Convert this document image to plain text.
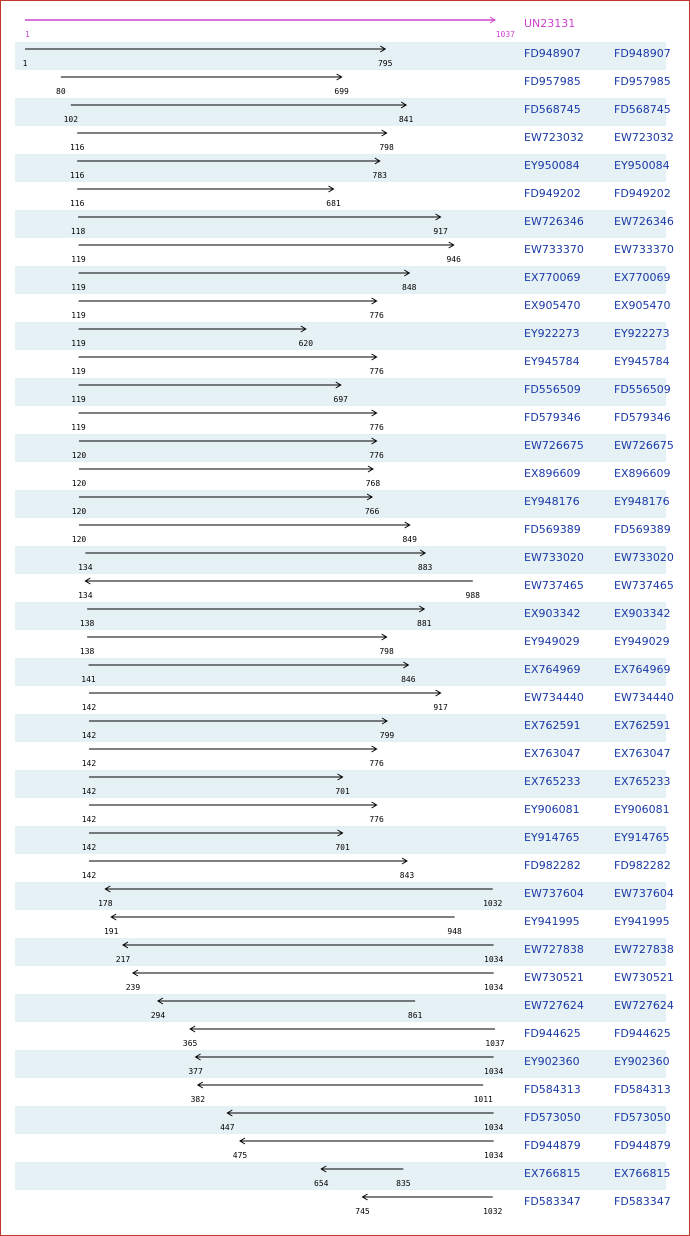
UN23131
1	1037
1	795
FD948907	FD948907
80	699
FD957985	FD957985
102	841
FD568745	FD568745
116	798
EW723032	EW723032
116	783
EY950084	EY950084
116	681
FD949202	FD949202
118	917
EW726346	EW726346
119	946
EW733370	EW733370
119	848
EX770069	EX770069
119	776
EX905470	EX905470
119	620
EY922273	EY922273
119	776
EY945784	EY945784
119	697
FD556509	FD556509
119	776
FD579346	FD579346
120	776
EW726675	EW726675
120	768
EX896609	EX896609
120	766
EY948176	EY948176
120	849
FD569389	FD569389
134	883
EW733020	EW733020
134	988
EW737465	EW737465
138	881
EX903342	EX903342
138	798
EY949029	EY949029
141	846
EX764969	EX764969
142	917
EW734440	EW734440
142	799
EX762591	EX762591
142	776
EX763047	EX763047
142	701
EX765233	EX765233
142	776
EY906081	EY906081
142	701
EY914765	EY914765
142	843
FD982282	FD982282
178	1032
EW737604	EW737604
191	948
EY941995	EY941995
217	1034
EW727838	EW727838
239	1034
EW730521	EW730521
294	861
EW727624	EW727624
365	1037
FD944625	FD944625
377	1034
EY902360	EY902360
382	1011
FD584313	FD584313
447	1034
FD573050	FD573050
475	1034
FD944879	FD944879
654	835
EX766815	EX766815
745	1032
FD583347	FD583347
